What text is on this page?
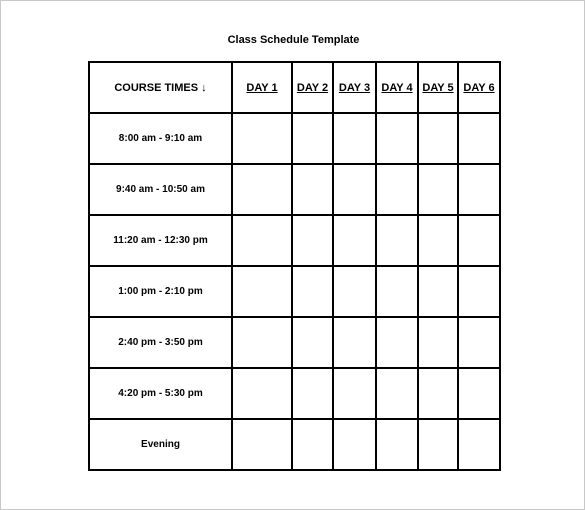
Class Schedule Template
COURSE TIMES ↓	DAY 1	DAY 2	DAY 3	DAY 4	DAY 5	DAY 6
8:00 am - 9:10 am						
9:40 am - 10:50 am						
11:20 am - 12:30 pm						
1:00 pm - 2:10 pm						
2:40 pm - 3:50 pm						
4:20 pm - 5:30 pm						
Evening						
